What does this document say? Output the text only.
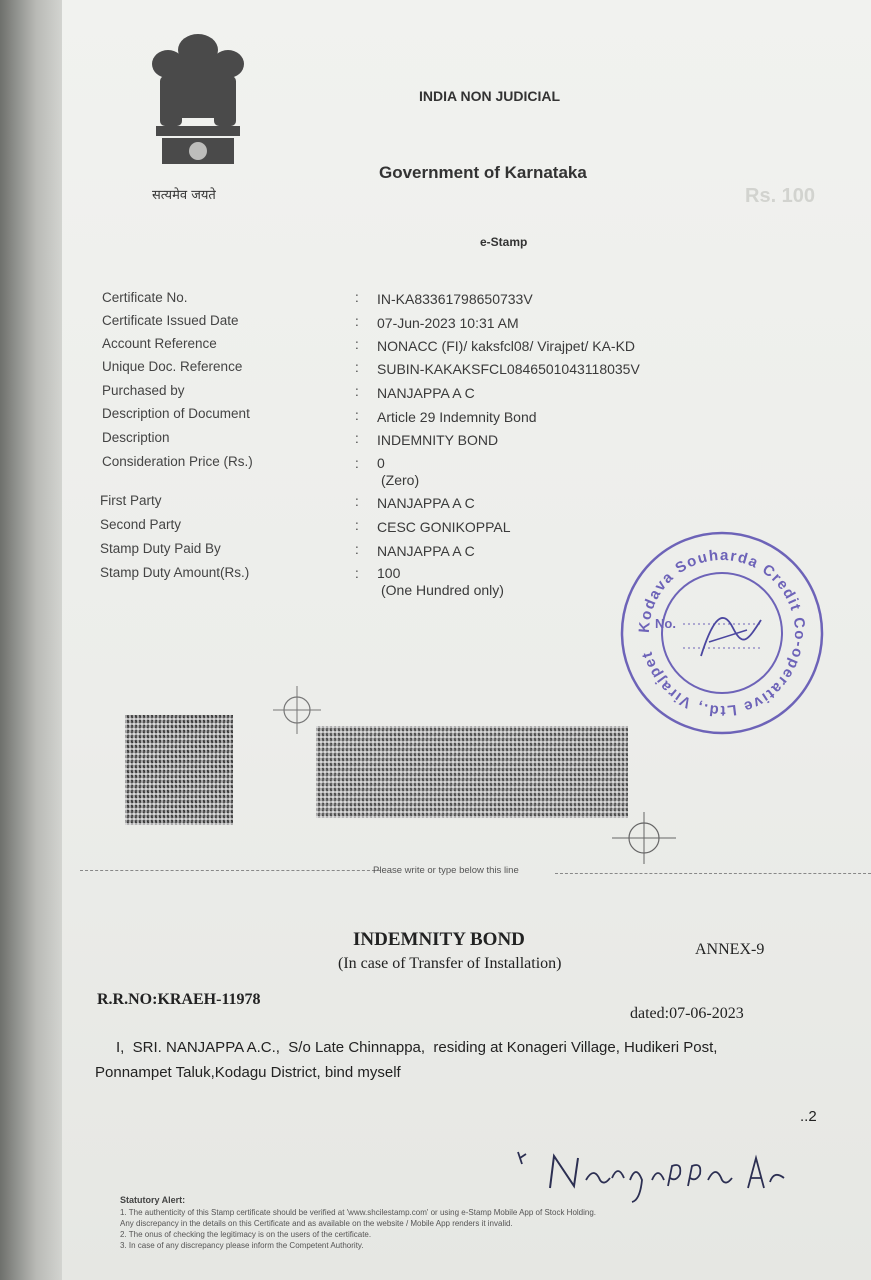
सत्यमेव जयते
INDIA NON JUDICIAL
Government of Karnataka
Rs. 100
e-Stamp
Certificate No.	: IN-KA83361798650733V
Certificate Issued Date	: 07-Jun-2023 10:31 AM
Account Reference	: NONACC (FI)/ kaksfcl08/ Virajpet/ KA-KD
Unique Doc. Reference	: SUBIN-KAKAKSFCL0846501043118035V
Purchased by	: NANJAPPA A C
Description of Document	: Article 29 Indemnity Bond
Description	: INDEMNITY BOND
Consideration Price (Rs.)	: 0
(Zero)
First Party	: NANJAPPA A C
Second Party	: CESC GONIKOPPAL
Stamp Duty Paid By	: NANJAPPA A C
Stamp Duty Amount(Rs.)	: 100
(One Hundred only)
Kodava Souharda Credit Co-operative Ltd., Virajpet
No.
Please write or type below this line
INDEMNITY BOND
(In case of Transfer of Installation)
ANNEX-9
R.R.NO:KRAEH-11978
dated:07-06-2023
I,  SRI. NANJAPPA A.C.,  S/o Late Chinnappa,  residing at Konageri Village, Hudikeri Post,
Ponnampet Taluk,Kodagu District, bind myself
..2
Statutory Alert:
1. The authenticity of this Stamp certificate should be verified at 'www.shcilestamp.com' or using e-Stamp Mobile App of Stock Holding.
Any discrepancy in the details on this Certificate and as available on the website / Mobile App renders it invalid.
2. The onus of checking the legitimacy is on the users of the certificate.
3. In case of any discrepancy please inform the Competent Authority.
